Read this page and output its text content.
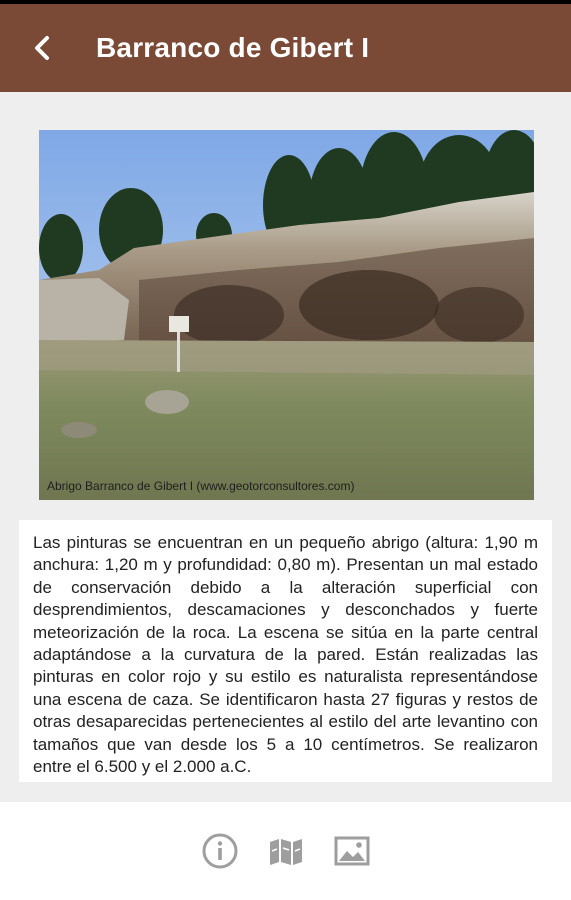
Barranco de Gibert I
Abrigo Barranco de Gibert I (www.geotorconsultores.com)

Las pinturas se encuentran en un pequeño abrigo (altura: 1,90 m anchura: 1,20 m y profundidad: 0,80 m). Presentan un mal estado de conservación debido a la alteración superficial con desprendimientos, descamaciones y desconchados y fuerte meteorización de la roca. La escena se sitúa en la parte central adaptándose a la curvatura de la pared. Están realizadas las pinturas en color rojo y su estilo es naturalista representándose una escena de caza. Se identificaron hasta 27 figuras y restos de otras desaparecidas pertenecientes al estilo del arte levantino con tamaños que van desde los 5 a 10 centímetros. Se realizaron entre el 6.500 y el 2.000 a.C.
